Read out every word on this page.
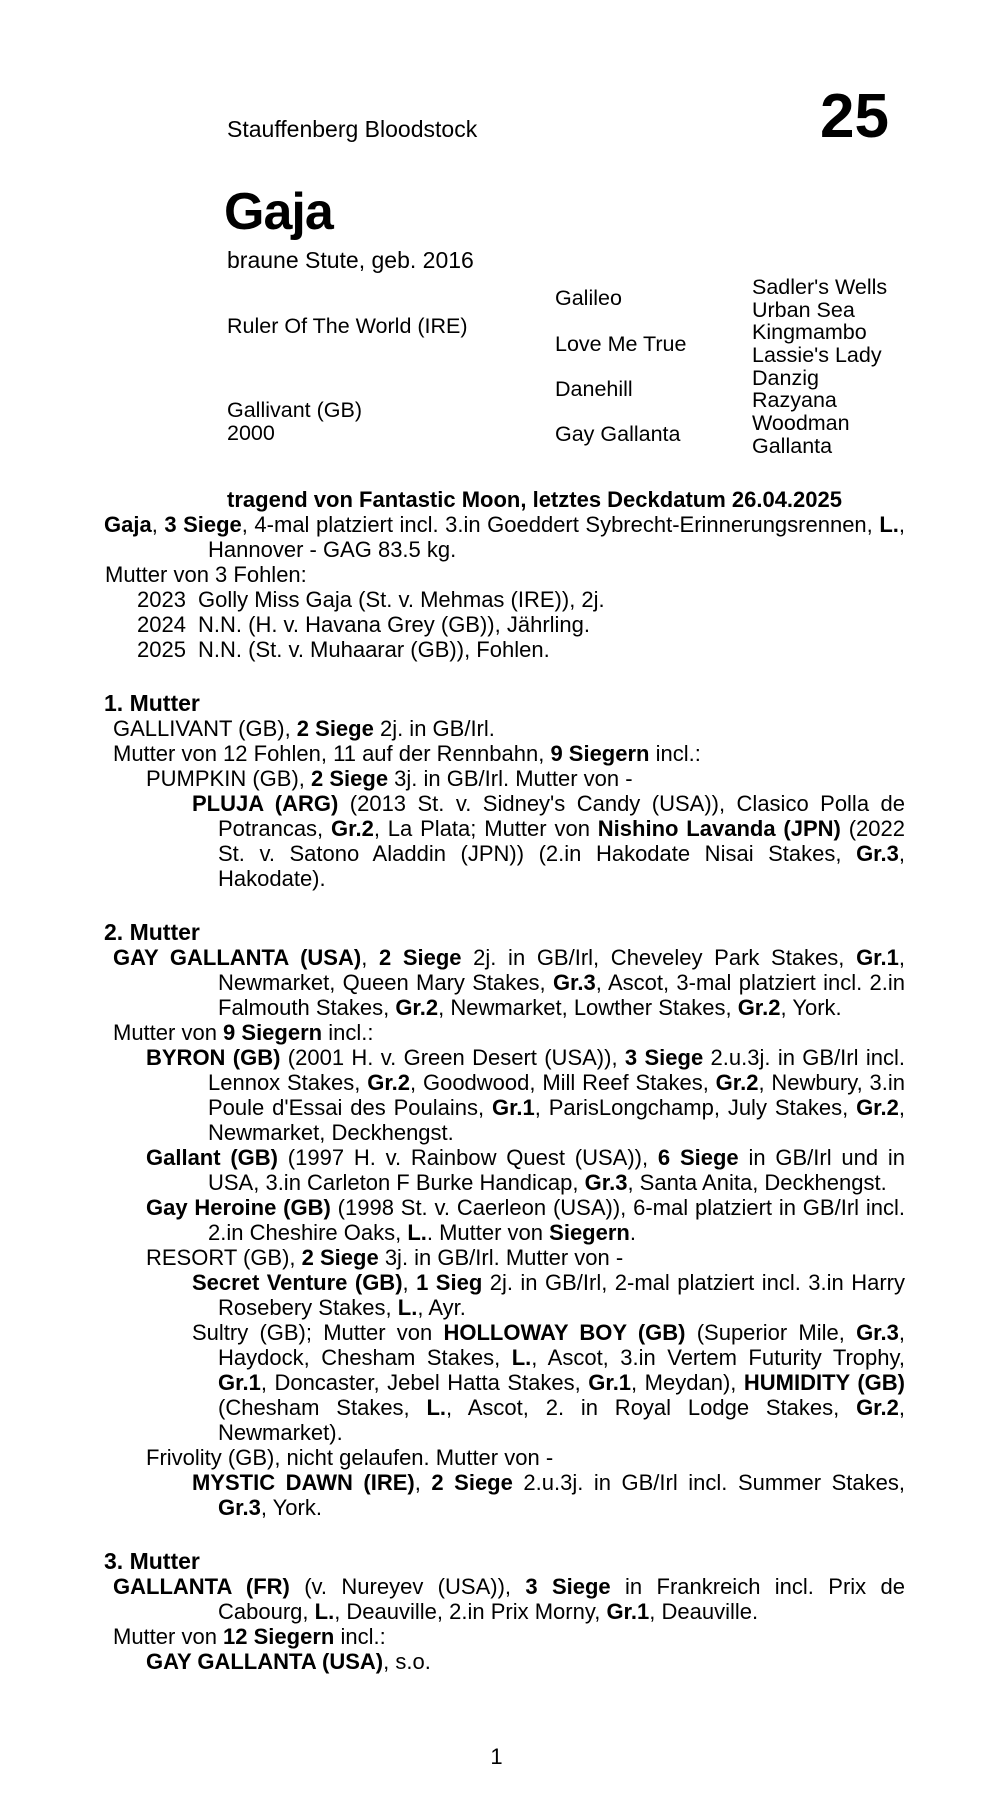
Stauffenberg Bloodstock	25
Gaja
braune Stute, geb. 2016
Ruler Of The World (IRE)
Gallivant (GB)
2000
Galileo
Love Me True
Danehill
Gay Gallanta
Sadler's Wells
Urban Sea
Kingmambo
Lassie's Lady
Danzig
Razyana
Woodman
Gallanta
tragend von Fantastic Moon, letztes Deckdatum 26.04.2025
Gaja, 3 Siege, 4-mal platziert incl. 3.in Goeddert Sybrecht-Erinnerungsrennen, L., Hannover - GAG 83.5 kg.
Mutter von 3 Fohlen:
2023 Golly Miss Gaja (St. v. Mehmas (IRE)), 2j.
2024 N.N. (H. v. Havana Grey (GB)), Jährling.
2025 N.N. (St. v. Muhaarar (GB)), Fohlen.
1. Mutter
GALLIVANT (GB), 2 Siege 2j. in GB/Irl.
Mutter von 12 Fohlen, 11 auf der Rennbahn, 9 Siegern incl.:
PUMPKIN (GB), 2 Siege 3j. in GB/Irl. Mutter von -
PLUJA (ARG) (2013 St. v. Sidney's Candy (USA)), Clasico Polla de Potrancas, Gr.2, La Plata; Mutter von Nishino Lavanda (JPN) (2022 St. v. Satono Aladdin (JPN)) (2.in Hakodate Nisai Stakes, Gr.3, Hakodate).
2. Mutter
GAY GALLANTA (USA), 2 Siege 2j. in GB/Irl, Cheveley Park Stakes, Gr.1, Newmarket, Queen Mary Stakes, Gr.3, Ascot, 3-mal platziert incl. 2.in Falmouth Stakes, Gr.2, Newmarket, Lowther Stakes, Gr.2, York.
Mutter von 9 Siegern incl.:
BYRON (GB) (2001 H. v. Green Desert (USA)), 3 Siege 2.u.3j. in GB/Irl incl. Lennox Stakes, Gr.2, Goodwood, Mill Reef Stakes, Gr.2, Newbury, 3.in Poule d'Essai des Poulains, Gr.1, ParisLongchamp, July Stakes, Gr.2, Newmarket, Deckhengst.
Gallant (GB) (1997 H. v. Rainbow Quest (USA)), 6 Siege in GB/Irl und in USA, 3.in Carleton F Burke Handicap, Gr.3, Santa Anita, Deckhengst.
Gay Heroine (GB) (1998 St. v. Caerleon (USA)), 6-mal platziert in GB/Irl incl. 2.in Cheshire Oaks, L.. Mutter von Siegern.
RESORT (GB), 2 Siege 3j. in GB/Irl. Mutter von -
Secret Venture (GB), 1 Sieg 2j. in GB/Irl, 2-mal platziert incl. 3.in Harry Rosebery Stakes, L., Ayr.
Sultry (GB); Mutter von HOLLOWAY BOY (GB) (Superior Mile, Gr.3, Haydock, Chesham Stakes, L., Ascot, 3.in Vertem Futurity Trophy, Gr.1, Doncaster, Jebel Hatta Stakes, Gr.1, Meydan), HUMIDITY (GB) (Chesham Stakes, L., Ascot, 2. in Royal Lodge Stakes, Gr.2, Newmarket).
Frivolity (GB), nicht gelaufen. Mutter von -
MYSTIC DAWN (IRE), 2 Siege 2.u.3j. in GB/Irl incl. Summer Stakes, Gr.3, York.
3. Mutter
GALLANTA (FR) (v. Nureyev (USA)), 3 Siege in Frankreich incl. Prix de Cabourg, L., Deauville, 2.in Prix Morny, Gr.1, Deauville.
Mutter von 12 Siegern incl.:
GAY GALLANTA (USA), s.o.
1
